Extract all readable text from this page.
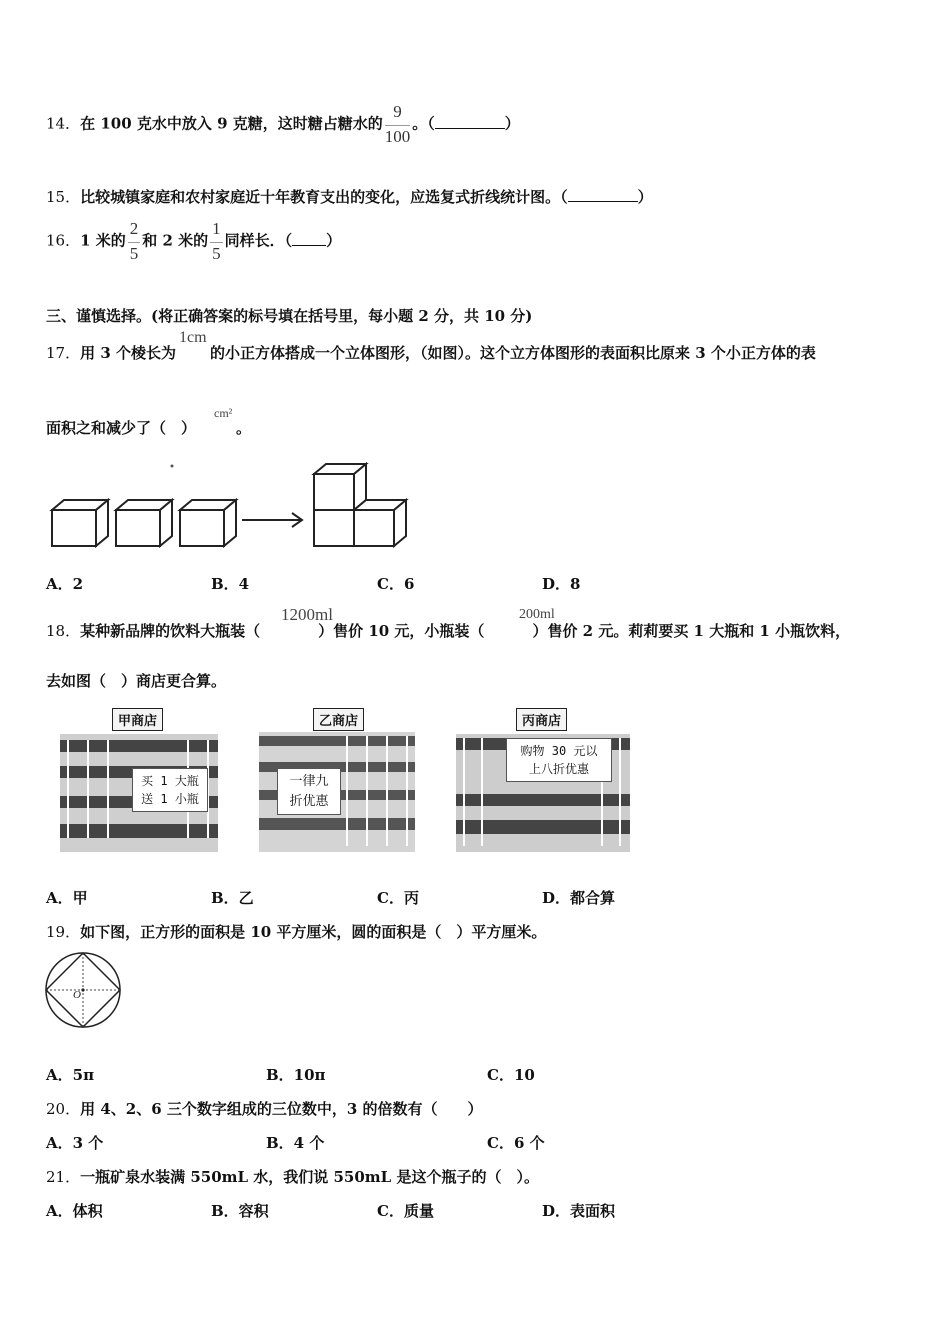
14．在 100 克水中放入 9 克糖，这时糖占糖水的 $\frac{9}{100}$ 。（	）
15．比较城镇家庭和农村家庭近十年教育支出的变化，应选复式折线统计图。（	）
16．1 米的 $\frac{2}{5}$ 和 2 米的 $\frac{1}{5}$ 同样长．（ ）
三、谨慎选择。(将正确答案的标号填在括号里，每小题 2 分，共 10 分)
17．用 3 个棱长为 的小正方体搭成一个立体图形，（如图）。这个立方体图形的表面积比原来 3 个小正方体的表
1cm
面积之和减少了（　）	。
cm²
A．2	B．4	C．6	D．8
18．某种新品牌的饮料大瓶装（	）售价 10 元，小瓶装（	）售价 2 元。莉莉要买 1 大瓶和 1 小瓶饮料，
1200ml	200ml
去如图（　）商店更合算。
甲商店
买 1 大瓶
送 1 小瓶
乙商店
一律九
折优惠
丙商店
购物 30 元以
上八折优惠
A．甲	B．乙	C．丙	D．都合算
19．如下图，正方形的面积是 10 平方厘米，圆的面积是（　）平方厘米。
O
A．5π	B．10π	C．10
20．用 4、2、6 三个数字组成的三位数中，3 的倍数有（　　）
A．3 个	B．4 个	C．6 个
21．一瓶矿泉水装满 550mL 水，我们说 550mL 是这个瓶子的（　）。
A．体积	B．容积	C．质量	D．表面积
